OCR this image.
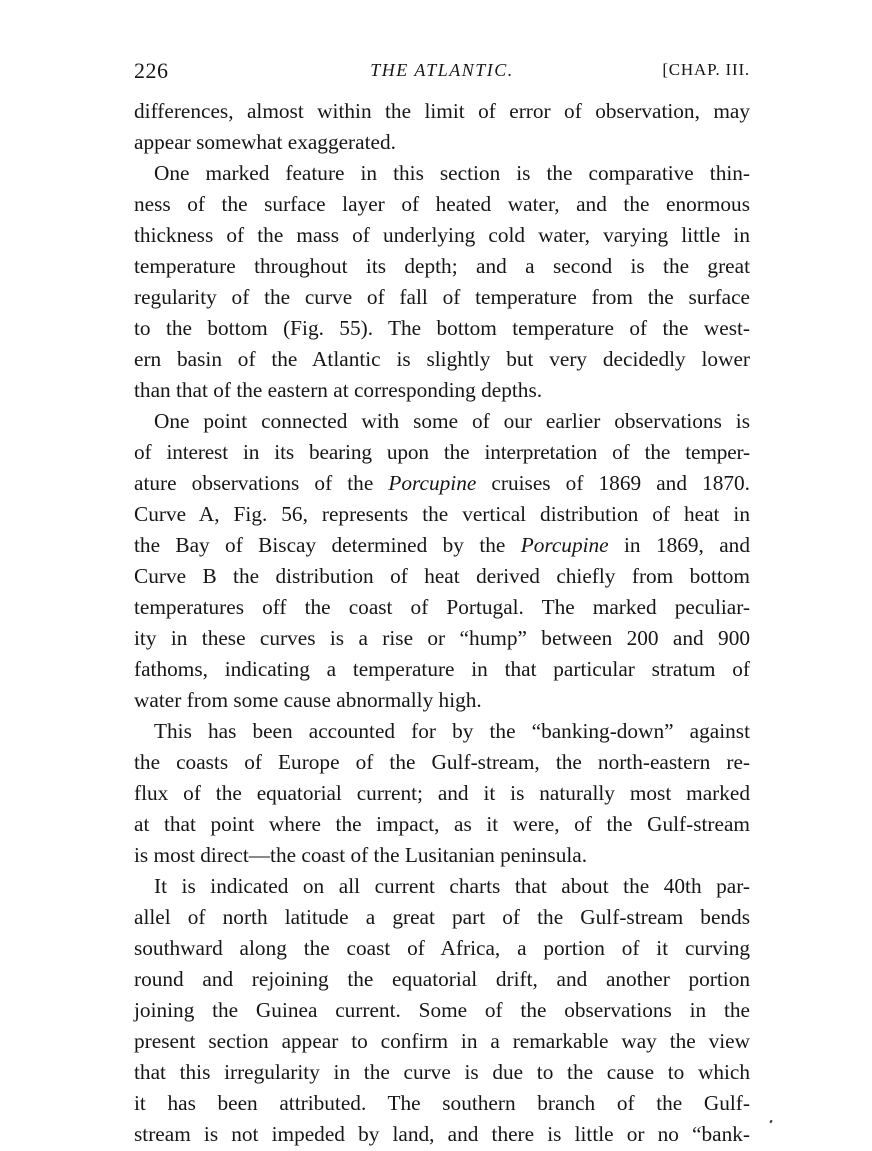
226	THE ATLANTIC.	[CHAP. III.
differences, almost within the limit of error of observation, may
appear somewhat exaggerated.
One marked feature in this section is the comparative thin-
ness of the surface layer of heated water, and the enormous
thickness of the mass of underlying cold water, varying little in
temperature throughout its depth; and a second is the great
regularity of the curve of fall of temperature from the surface
to the bottom (Fig. 55). The bottom temperature of the west-
ern basin of the Atlantic is slightly but very decidedly lower
than that of the eastern at corresponding depths.
One point connected with some of our earlier observations is
of interest in its bearing upon the interpretation of the temper-
ature observations of the Porcupine cruises of 1869 and 1870.
Curve A, Fig. 56, represents the vertical distribution of heat in
the Bay of Biscay determined by the Porcupine in 1869, and
Curve B the distribution of heat derived chiefly from bottom
temperatures off the coast of Portugal. The marked peculiar-
ity in these curves is a rise or “hump” between 200 and 900
fathoms, indicating a temperature in that particular stratum of
water from some cause abnormally high.
This has been accounted for by the “banking-down” against
the coasts of Europe of the Gulf-stream, the north-eastern re-
flux of the equatorial current; and it is naturally most marked
at that point where the impact, as it were, of the Gulf-stream
is most direct—the coast of the Lusitanian peninsula.
It is indicated on all current charts that about the 40th par-
allel of north latitude a great part of the Gulf-stream bends
southward along the coast of Africa, a portion of it curving
round and rejoining the equatorial drift, and another portion
joining the Guinea current. Some of the observations in the
present section appear to confirm in a remarkable way the view
that this irregularity in the curve is due to the cause to which
it has been attributed. The southern branch of the Gulf-
stream is not impeded by land, and there is little or no “bank-
